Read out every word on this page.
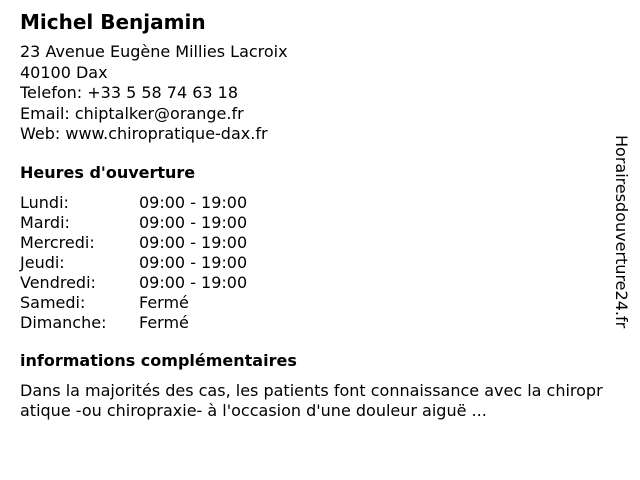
Michel Benjamin
23 Avenue Eugène Millies Lacroix
40100 Dax
Telefon: +33 5 58 74 63 18
Email: chiptalker@orange.fr
Web: www.chiropratique-dax.fr
Heures d'ouverture
Lundi:	09:00 - 19:00
Mardi:	09:00 - 19:00
Mercredi:	09:00 - 19:00
Jeudi:	09:00 - 19:00
Vendredi:	09:00 - 19:00
Samedi:	Fermé
Dimanche:	Fermé
informations complémentaires
Dans la majorités des cas, les patients font connaissance avec la chiropratique -ou chiropraxie- à l'occasion d'une douleur aiguë ...
Horairesdouverture24.fr
